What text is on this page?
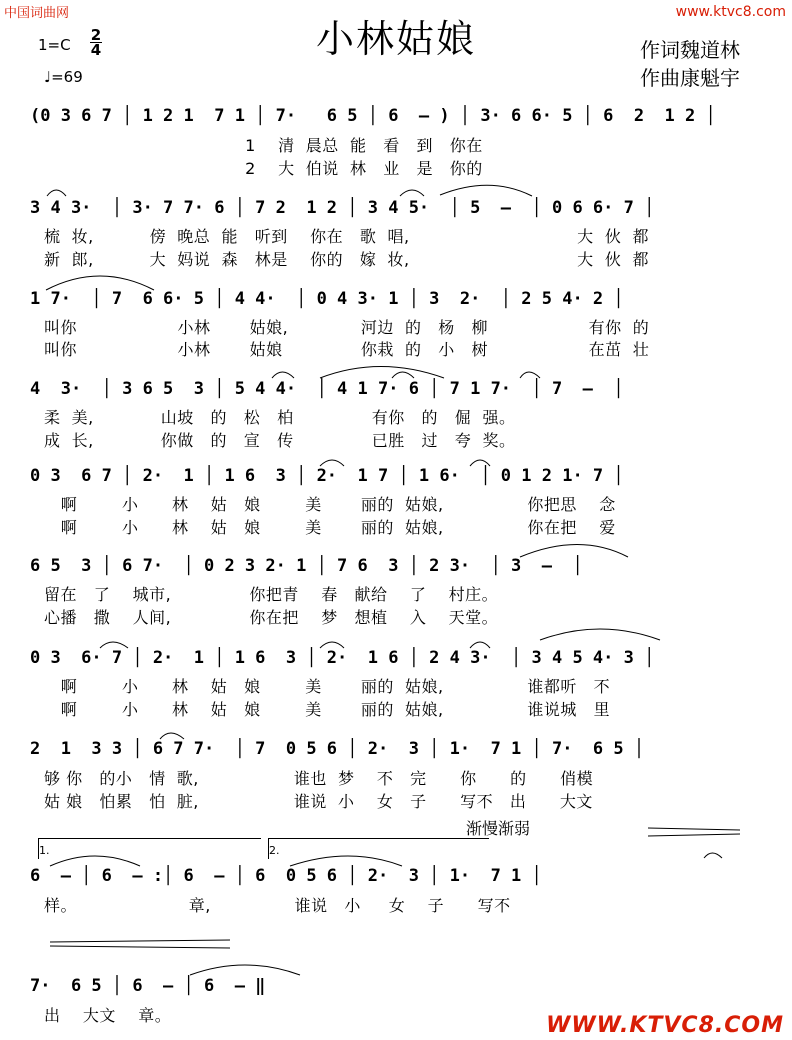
中国词曲网	www.ktvc8.com
小林姑娘	作词魏道林
作曲康魁宇
1=C
2
4
♩=69
(0 3 6 7 │ 1 2 1  7 1 │ 7·   6 5 │ 6  – ) │ 3· 6 6· 5 │ 6  2  1 2 │
1    清  晨总  能   看   到   你在
2    大  伯说  林   业   是   你的
3 4 3·  │ 3· 7 7· 6 │ 7 2  1 2 │ 3 4 5·  │ 5  –  │ 0 6 6· 7 │
梳  妆,          傍  晚总  能   听到    你在   歌  唱,                              大  伙  都
新  郎,          大  妈说  森   林是    你的   嫁  妆,                              大  伙  都
1 7·  │ 7  6 6· 5 │ 4 4·  │ 0 4 3· 1 │ 3  2·  │ 2 5 4· 2 │
叫你                  小林       姑娘,             河边  的   杨   柳                  有你  的
叫你                  小林       姑娘              你栽  的   小   树                  在茁  壮
4  3·  │ 3 6 5  3 │ 5 4 4·  │ 4 1 7· 6 │ 7 1 7·  │ 7  –  │
柔  美,            山坡   的   松   柏              有你   的   倔  强。
成  长,            你做   的   宣   传              已胜   过   夸  奖。
0 3  6 7 │ 2·  1 │ 1 6  3 │ 2·  1 7 │ 1 6·  │ 0 1 2 1· 7 │
啊        小      林    姑   娘        美       丽的  姑娘,               你把思    念
啊        小      林    姑   娘        美       丽的  姑娘,               你在把    爱
6 5  3 │ 6 7·  │ 0 2 3 2· 1 │ 7 6  3 │ 2 3·  │ 3  –  │
留在   了    城市,              你把青    春   献给    了    村庄。
心播   撒    人间,              你在把    梦   想植    入    天堂。
0 3  6· 7 │ 2·  1 │ 1 6  3 │ 2·  1 6 │ 2 4 3·  │ 3 4 5 4· 3 │
啊        小      林    姑   娘        美       丽的  姑娘,               谁都听   不
啊        小      林    姑   娘        美       丽的  姑娘,               谁说城   里
2  1  3 3 │ 6 7 7·  │ 7  0 5 6 │ 2·  3 │ 1·  7 1 │ 7·  6 5 │
够 你   的小   情  歌,                 谁也  梦    不   完      你      的      俏模
姑 娘   怕累   怕  脏,                 谁说  小    女   子      写不   出      大文
渐慢渐弱
1.	2.
6  – │ 6  – :│ 6  – │ 6  0 5 6 │ 2·  3 │ 1·  7 1 │
样。                    章,               谁说   小     女    子      写不
7·  6 5 │ 6  – │ 6  – ‖
出    大文    章。	WWW.KTVC8.COM
